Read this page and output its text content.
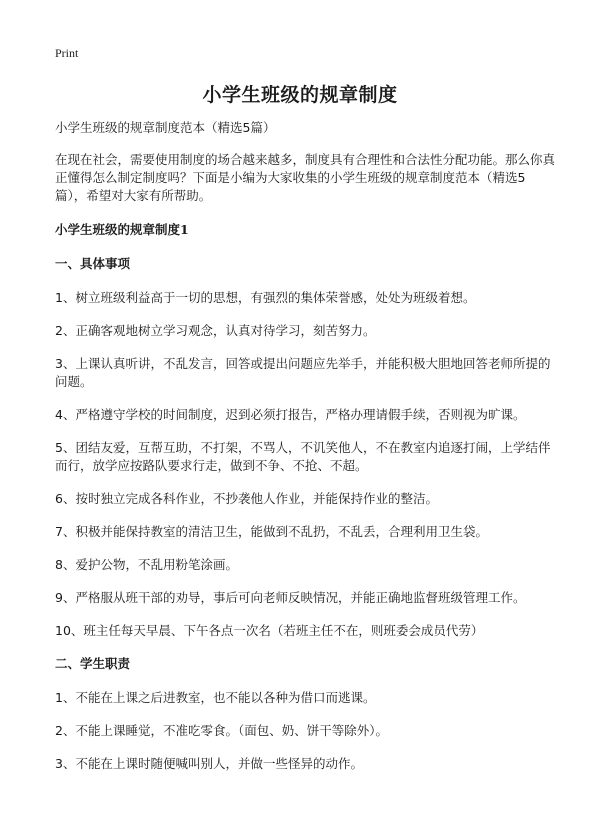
Print
小学生班级的规章制度
小学生班级的规章制度范本（精选5篇）
在现在社会，需要使用制度的场合越来越多，制度具有合理性和合法性分配功能。那么你真正懂得怎么制定制度吗？下面是小编为大家收集的小学生班级的规章制度范本（精选5篇），希望对大家有所帮助。
小学生班级的规章制度1
一、具体事项
1、树立班级利益高于一切的思想，有强烈的集体荣誉感，处处为班级着想。
2、正确客观地树立学习观念，认真对待学习，刻苦努力。
3、上课认真听讲，不乱发言，回答或提出问题应先举手，并能积极大胆地回答老师所提的问题。
4、严格遵守学校的时间制度，迟到必须打报告，严格办理请假手续，否则视为旷课。
5、团结友爱，互帮互助，不打架，不骂人，不讥笑他人，不在教室内追逐打闹，上学结伴而行，放学应按路队要求行走，做到不争、不抢、不超。
6、按时独立完成各科作业，不抄袭他人作业，并能保持作业的整洁。
7、积极并能保持教室的清洁卫生，能做到不乱扔，不乱丢，合理利用卫生袋。
8、爱护公物，不乱用粉笔涂画。
9、严格服从班干部的劝导，事后可向老师反映情况，并能正确地监督班级管理工作。
10、班主任每天早晨、下午各点一次名（若班主任不在，则班委会成员代劳）
二、学生职责
1、不能在上课之后进教室，也不能以各种为借口而逃课。
2、不能上课睡觉，不准吃零食。（面包、奶、饼干等除外）。
3、不能在上课时随便喊叫别人，并做一些怪异的动作。
